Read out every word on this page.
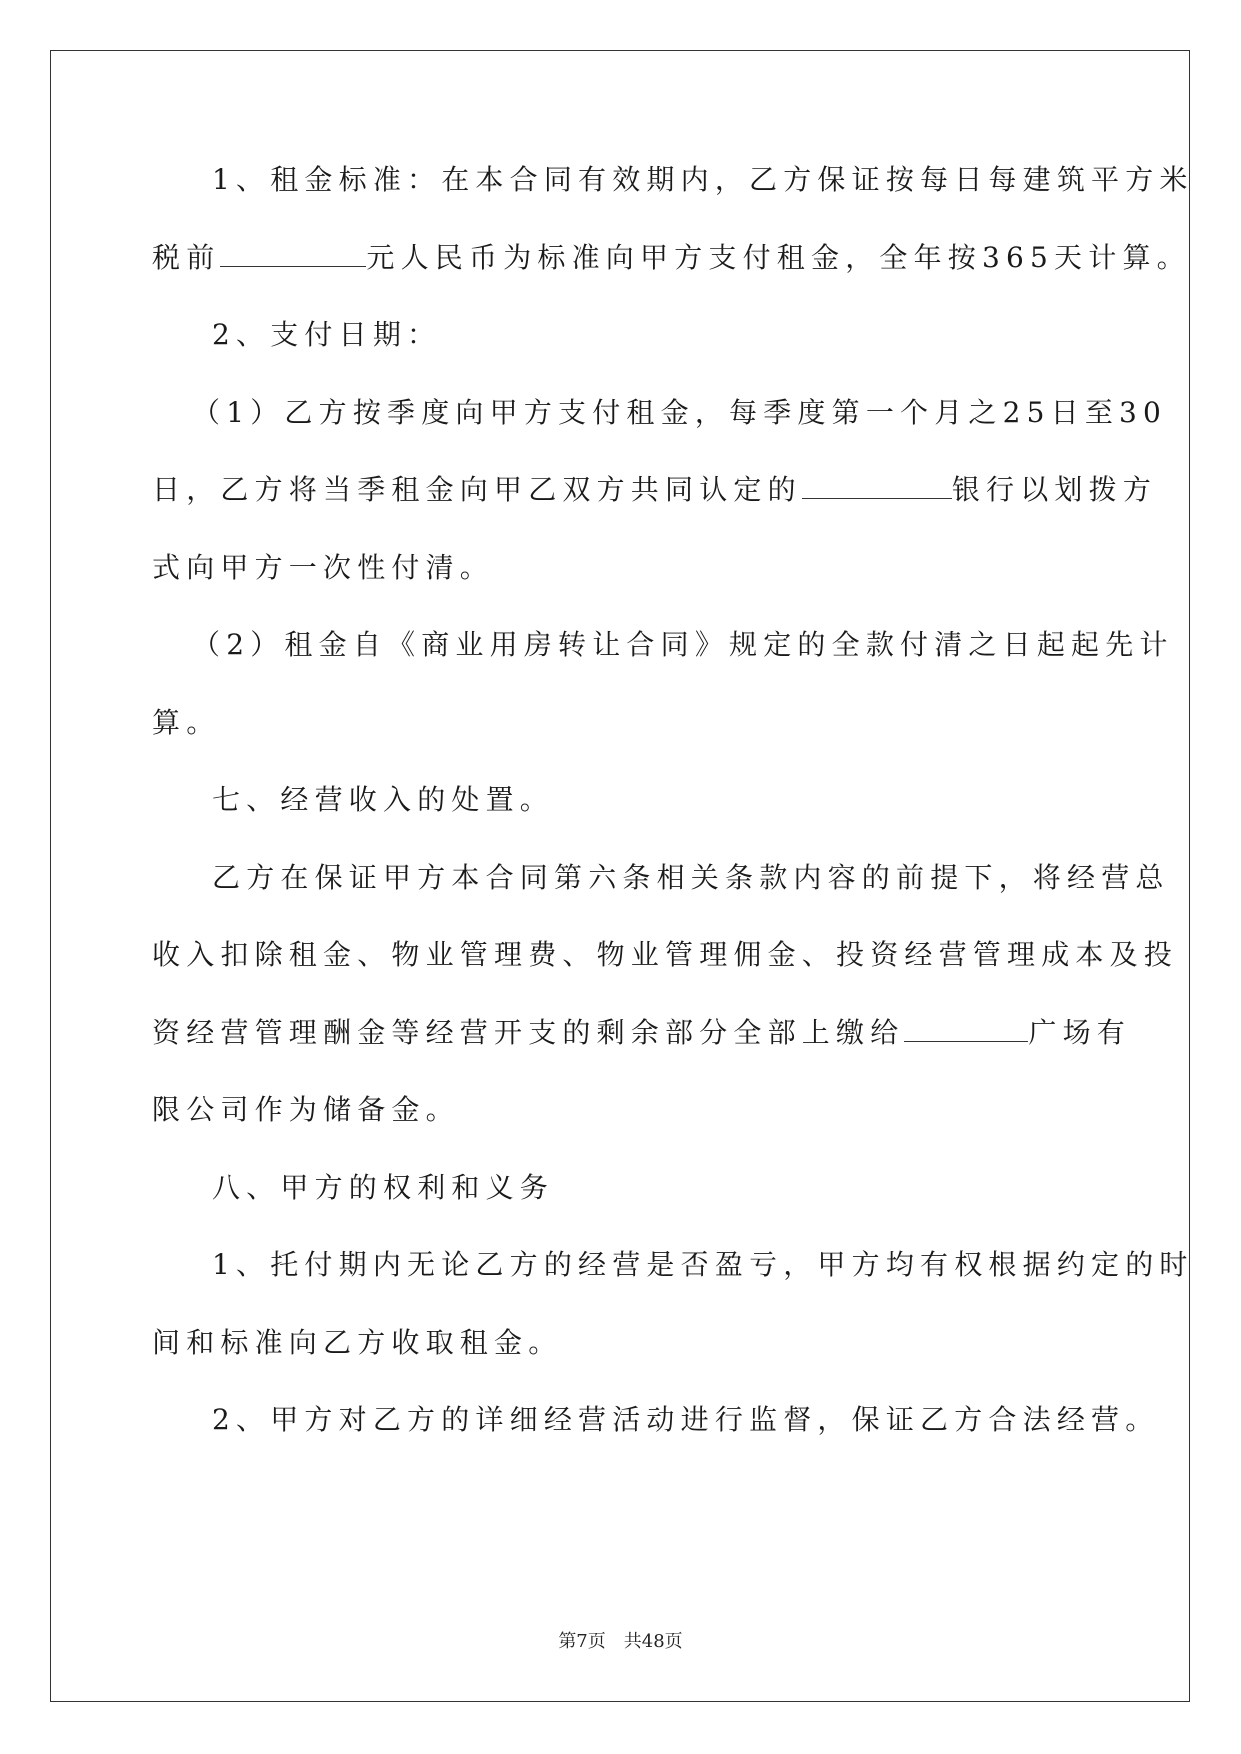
1、租金标准：在本合同有效期内，乙方保证按每日每建筑平方米
税前	元人民币为标准向甲方支付租金，全年按365天计算。
2、支付日期：
（1）乙方按季度向甲方支付租金，每季度第一个月之25日至30
日，乙方将当季租金向甲乙双方共同认定的	银行以划拨方
式向甲方一次性付清。
（2）租金自《商业用房转让合同》规定的全款付清之日起起先计
算。
七、经营收入的处置。
乙方在保证甲方本合同第六条相关条款内容的前提下，将经营总
收入扣除租金、物业管理费、物业管理佣金、投资经营管理成本及投
资经营管理酬金等经营开支的剩余部分全部上缴给	广场有
限公司作为储备金。
八、甲方的权利和义务
1、托付期内无论乙方的经营是否盈亏，甲方均有权根据约定的时
间和标准向乙方收取租金。
2、甲方对乙方的详细经营活动进行监督，保证乙方合法经营。
第7页　共48页
